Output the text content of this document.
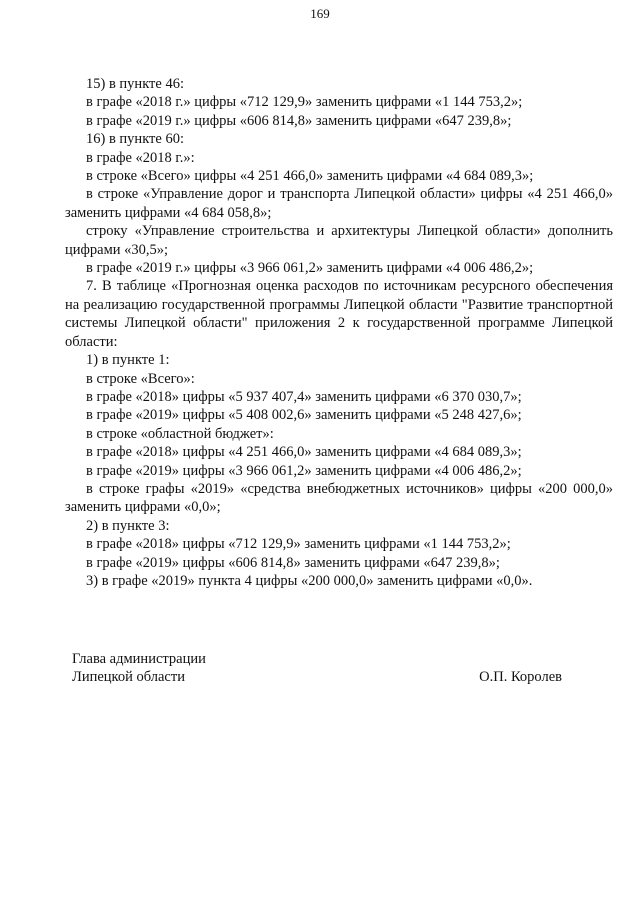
169

15) в пункте 46:

в графе «2018 г.» цифры «712 129,9» заменить цифрами «1 144 753,2»;

в графе «2019 г.» цифры «606 814,8» заменить цифрами «647 239,8»;

16) в пункте 60:

в графе «2018 г.»:

в строке «Всего» цифры «4 251 466,0» заменить цифрами «4 684 089,3»;

в строке «Управление дорог и транспорта Липецкой области» цифры «4 251 466,0» заменить цифрами «4 684 058,8»;

строку «Управление строительства и архитектуры Липецкой области» дополнить цифрами «30,5»;

в графе «2019 г.» цифры «3 966 061,2» заменить цифрами «4 006 486,2»;

7. В таблице «Прогнозная оценка расходов по источникам ресурсного обеспечения на реализацию государственной программы Липецкой области "Развитие транспортной системы Липецкой области" приложения 2 к государственной программе Липецкой области:

1) в пункте 1:

в строке «Всего»:

в графе «2018» цифры «5 937 407,4» заменить цифрами «6 370 030,7»;

в графе «2019» цифры «5 408 002,6» заменить цифрами «5 248 427,6»;

в строке «областной бюджет»:

в графе «2018» цифры «4 251 466,0» заменить цифрами «4 684 089,3»;

в графе «2019» цифры «3 966 061,2» заменить цифрами «4 006 486,2»;

в строке графы «2019» «средства внебюджетных источников» цифры «200 000,0» заменить цифрами «0,0»;

2) в пункте 3:

в графе «2018» цифры «712 129,9» заменить цифрами «1 144 753,2»;

в графе «2019» цифры «606 814,8» заменить цифрами «647 239,8»;

3) в графе «2019» пункта 4 цифры «200 000,0» заменить цифрами «0,0».

Глава администрации
Липецкой области	О.П. Королев
